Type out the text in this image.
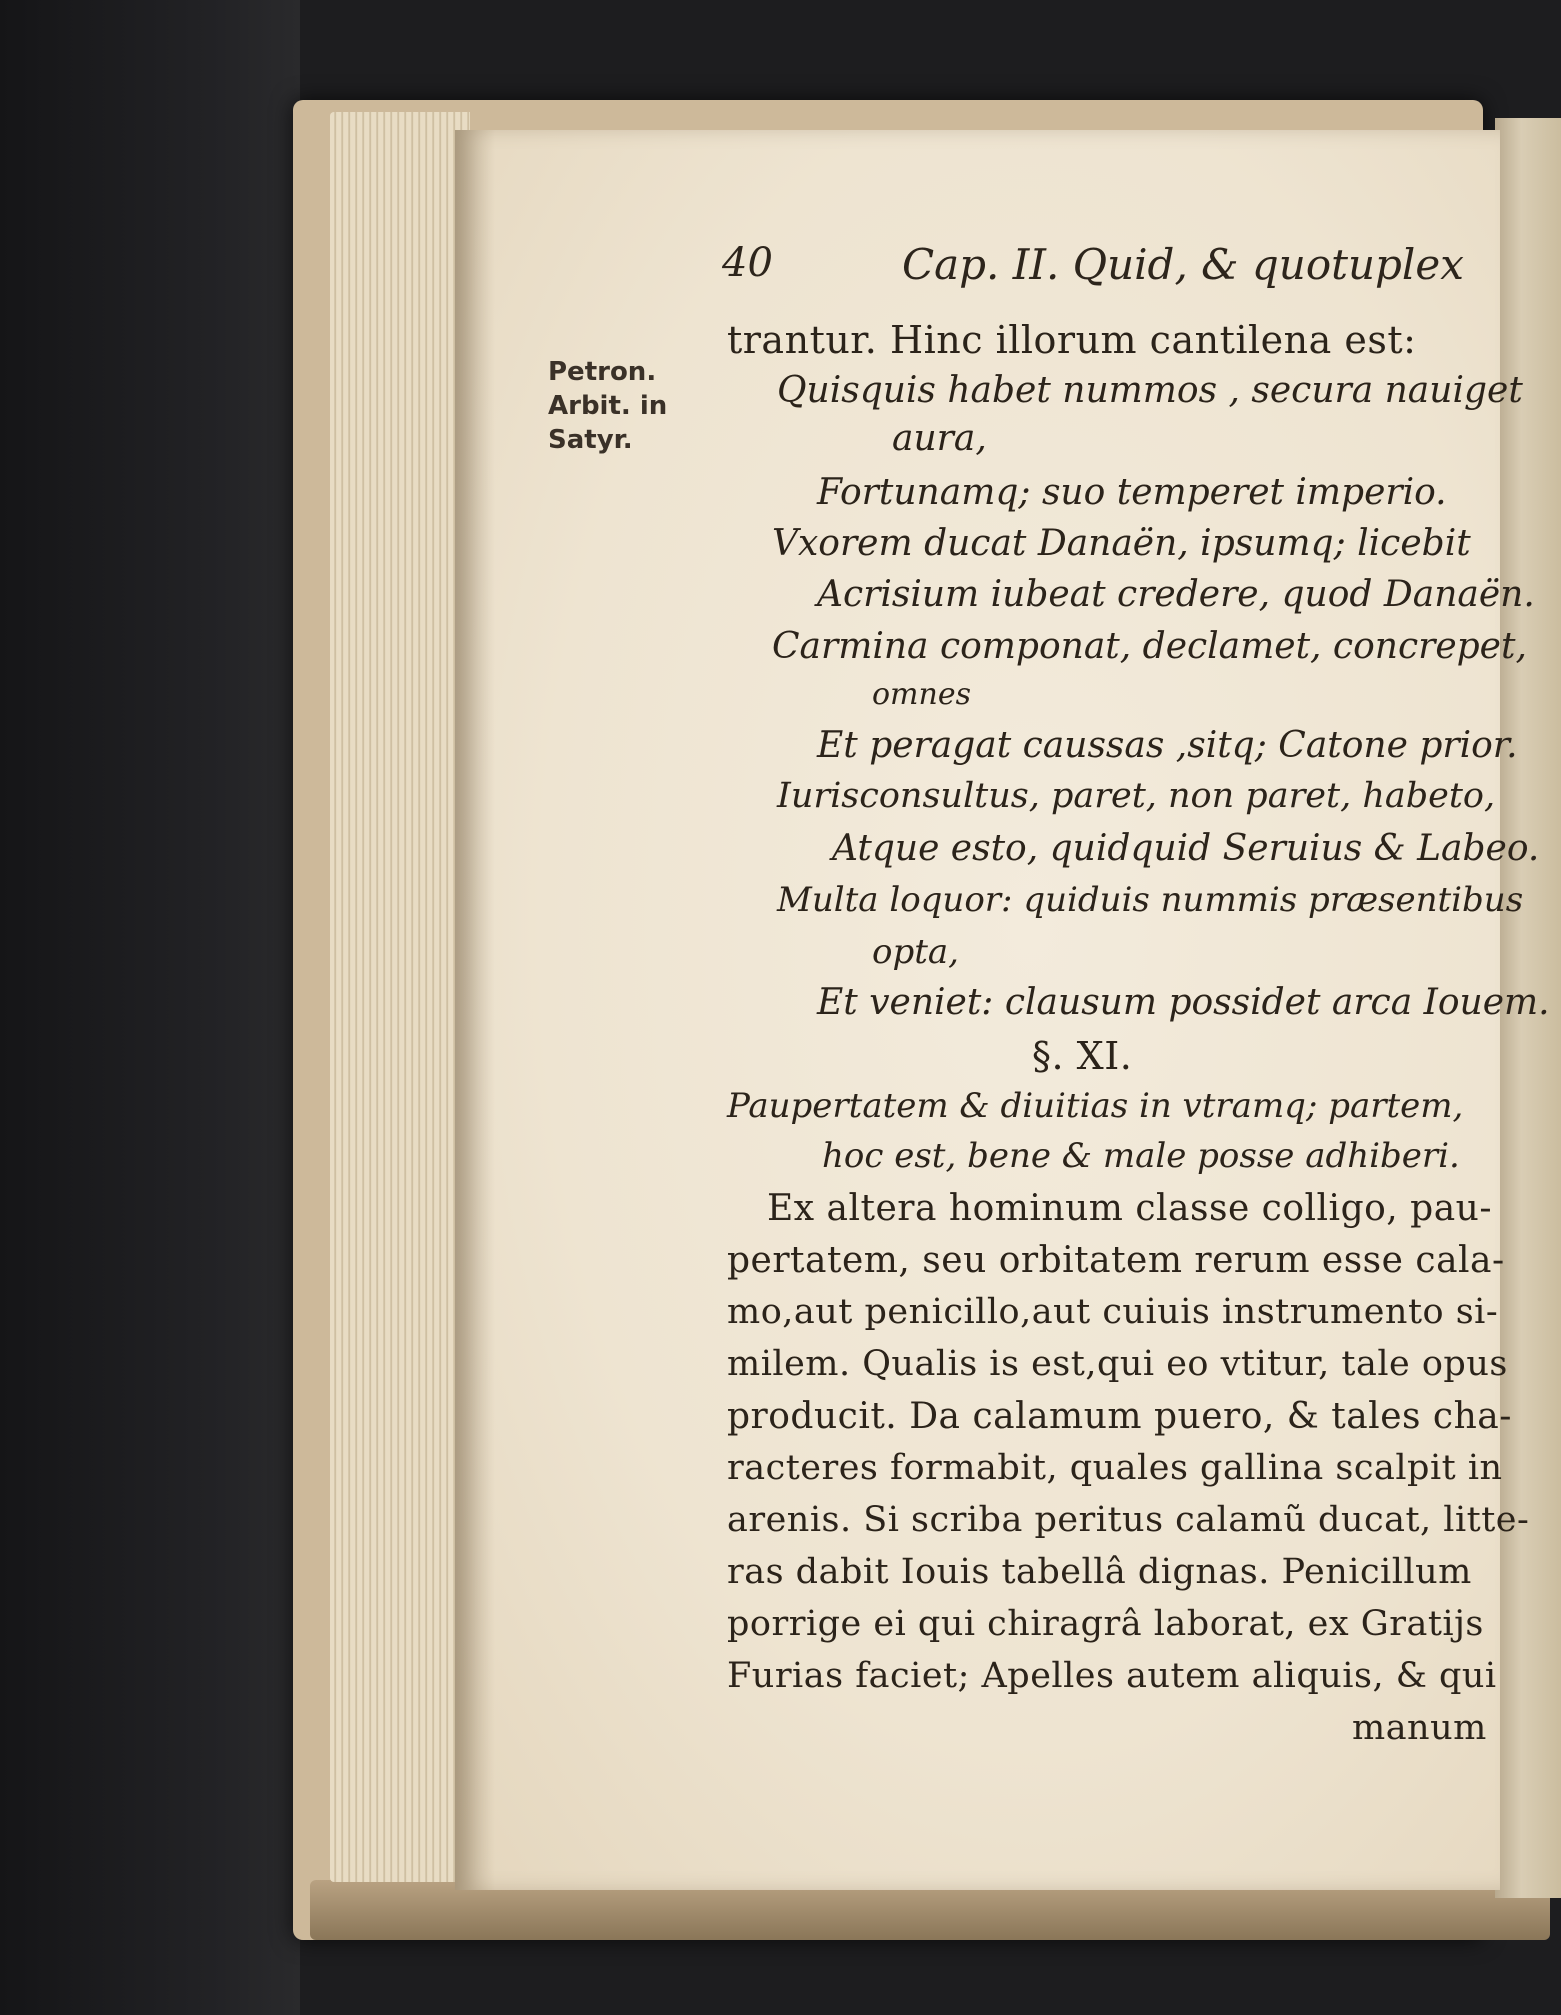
40	Cap. II. Quid, & quotuplex
Petron.
Arbit. in
Satyr.
trantur. Hinc illorum cantilena est:
Quisquis habet nummos , secura nauiget
aura,
Fortunamq; suo temperet imperio.
Vxorem ducat Danaën, ipsumq; licebit
Acrisium iubeat credere, quod Danaën.
Carmina componat, declamet, concrepet,
omnes
Et peragat caussas ,sitq; Catone prior.
Iurisconsultus, paret, non paret, habeto,
Atque esto, quidquid Seruius & Labeo.
Multa loquor: quiduis nummis præsentibus
opta,
Et veniet: clausum possidet arca Iouem.
§. XI.
Paupertatem & diuitias in vtramq; partem,
hoc est, bene & male posse adhiberi.
Ex altera hominum classe colligo, pau-
pertatem, seu orbitatem rerum esse cala-
mo,aut penicillo,aut cuiuis instrumento si-
milem. Qualis is est,qui eo vtitur, tale opus
producit. Da calamum puero, & tales cha-
racteres formabit, quales gallina scalpit in
arenis. Si scriba peritus calamũ ducat, litte-
ras dabit Iouis tabellâ dignas. Penicillum
porrige ei qui chiragrâ laborat, ex Gratijs
Furias faciet; Apelles autem aliquis, & qui
manum
